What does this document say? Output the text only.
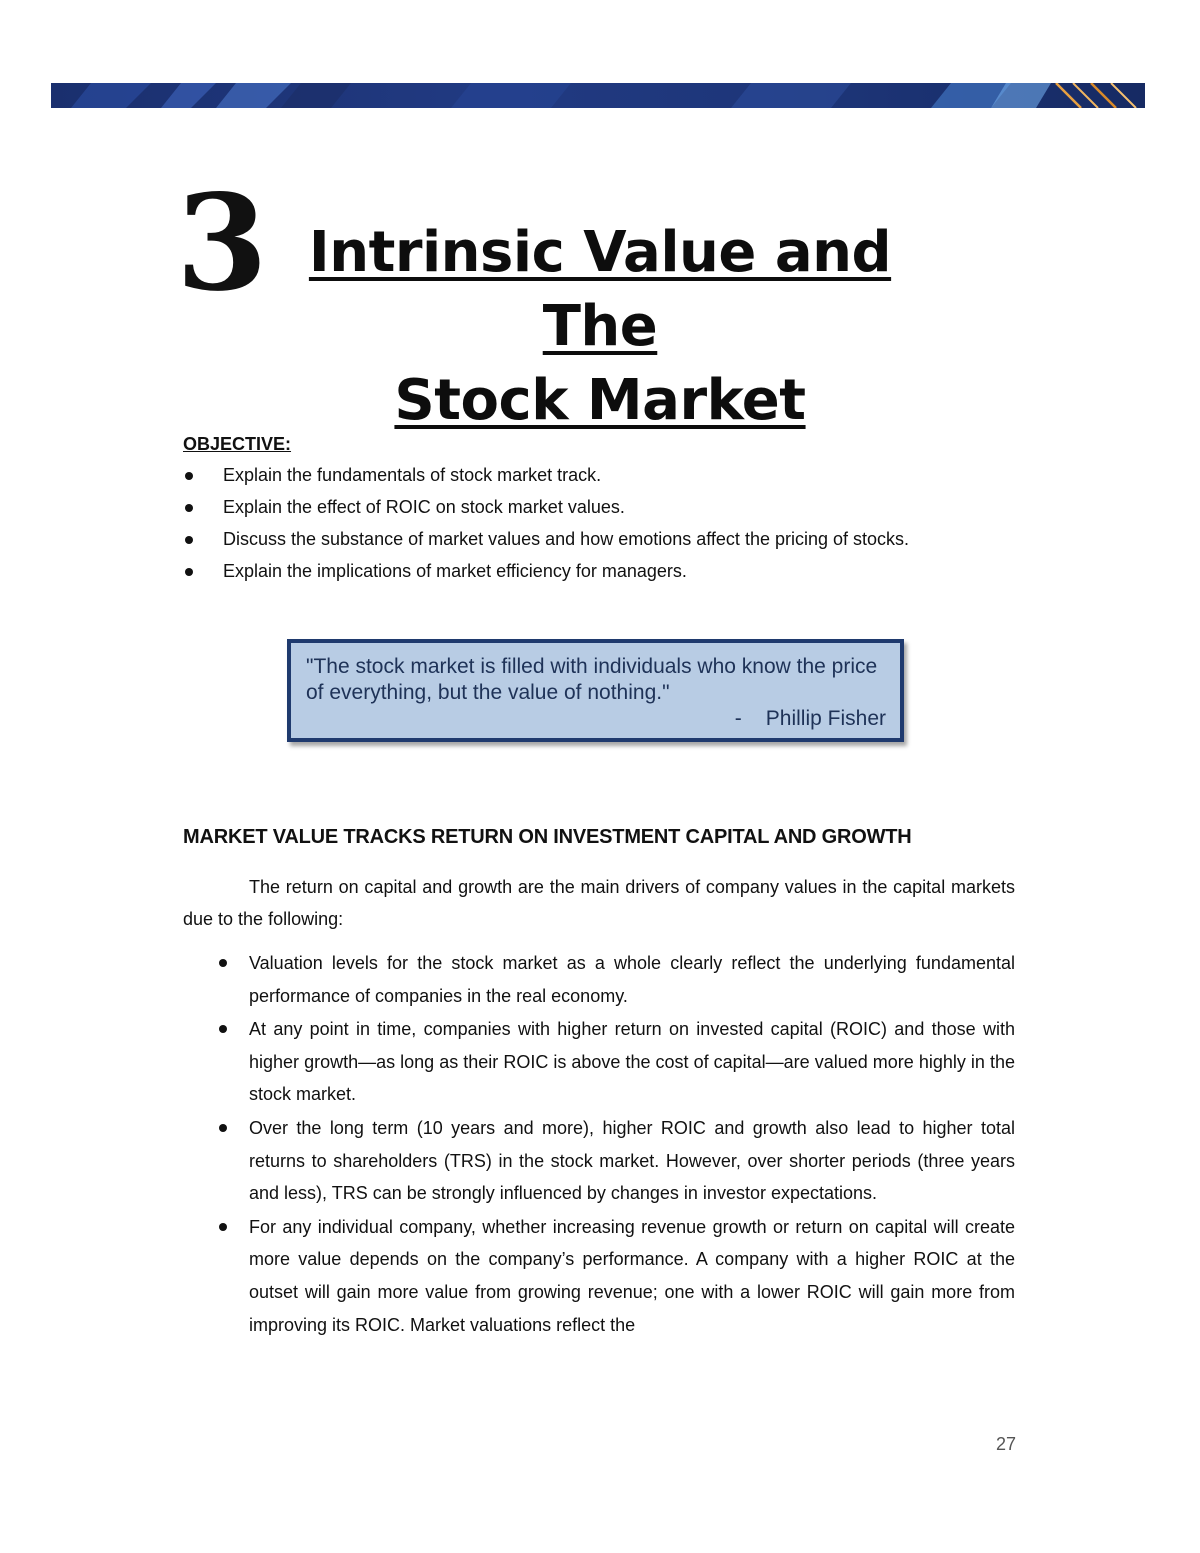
3 Intrinsic Value and The
Stock Market
OBJECTIVE:
Explain the fundamentals of stock market track.
Explain the effect of ROIC on stock market values.
Discuss the substance of market values and how emotions affect the pricing of stocks.
Explain the implications of market efficiency for managers.
"The stock market is filled with individuals who know the price of everything, but the value of nothing."
- Phillip Fisher
MARKET VALUE TRACKS RETURN ON INVESTMENT CAPITAL AND GROWTH

The return on capital and growth are the main drivers of company values in the capital markets due to the following:

Valuation levels for the stock market as a whole clearly reflect the underlying fundamental performance of companies in the real economy.
At any point in time, companies with higher return on invested capital (ROIC) and those with higher growth—as long as their ROIC is above the cost of capital—are valued more highly in the stock market.
Over the long term (10 years and more), higher ROIC and growth also lead to higher total returns to shareholders (TRS) in the stock market. However, over shorter periods (three years and less), TRS can be strongly influenced by changes in investor expectations.
For any individual company, whether increasing revenue growth or return on capital will create more value depends on the company’s performance. A company with a higher ROIC at the outset will gain more value from growing revenue; one with a lower ROIC will gain more from improving its ROIC. Market valuations reflect the
27
